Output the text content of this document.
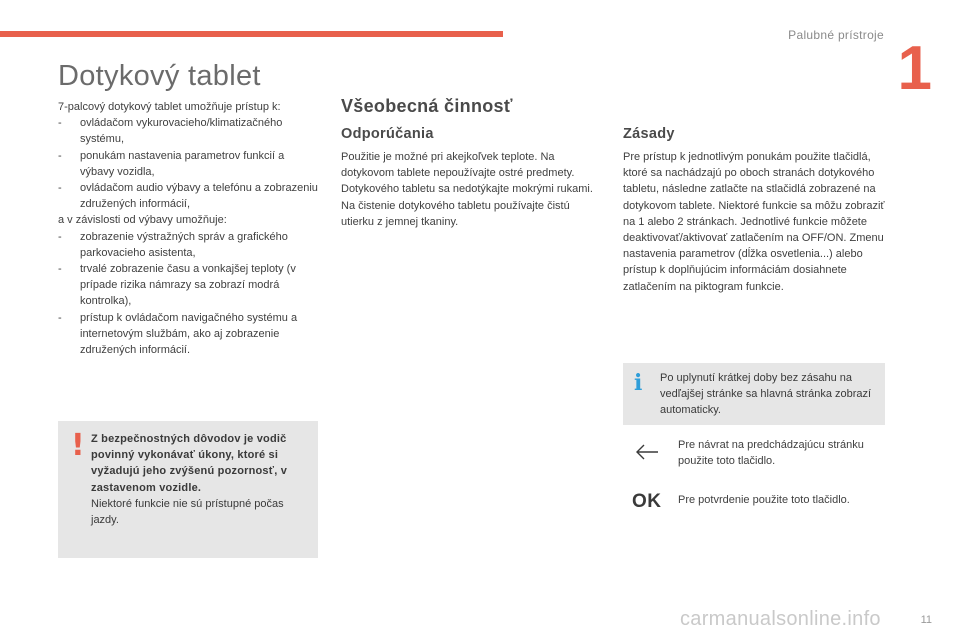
Palubné prístroje 1
Dotykový tablet
7-palcový dotykový tablet umožňuje prístup k:
-	ovládačom vykurovacieho/klimatizačného systému,
-	ponukám nastavenia parametrov funkcií a výbavy vozidla,
-	ovládačom audio výbavy a telefónu a zobrazeniu združených informácií,
a v závislosti od výbavy umožňuje:
-	zobrazenie výstražných správ a grafického parkovacieho asistenta,
-	trvalé zobrazenie času a vonkajšej teploty (v prípade rizika námrazy sa zobrazí modrá kontrolka),
-	prístup k ovládačom navigačného systému a internetovým službám, ako aj zobrazenie združených informácií.
! Z bezpečnostných dôvodov je vodič povinný vykonávať úkony, ktoré si vyžadujú jeho zvýšenú pozornosť, v zastavenom vozidle.
Niektoré funkcie nie sú prístupné počas jazdy.
Všeobecná činnosť
Odporúčania	Zásady
Použitie je možné pri akejkoľvek teplote. Na dotykovom tablete nepoužívajte ostré predmety. Dotykového tabletu sa nedotýkajte mokrými rukami. Na čistenie dotykového tabletu používajte čistú utierku z jemnej tkaniny.
Pre prístup k jednotlivým ponukám použite tlačidlá, ktoré sa nachádzajú po oboch stranách dotykového tabletu, následne zatlačte na stlačidlá zobrazené na dotykovom tablete. Niektoré funkcie sa môžu zobraziť na 1 alebo 2 stránkach. Jednotlivé funkcie môžete deaktivovať/aktivovať zatlačením na OFF/ON. Zmenu nastavenia parametrov (dĺžka osvetlenia...) alebo prístup k doplňujúcim informáciám dosiahnete zatlačením na piktogram funkcie.
i Po uplynutí krátkej doby bez zásahu na vedľajšej stránke sa hlavná stránka zobrazí automaticky.
Pre návrat na predchádzajúcu stránku použite toto tlačidlo.
OK Pre potvrdenie použite toto tlačidlo.
carmanualsonline.info	11
